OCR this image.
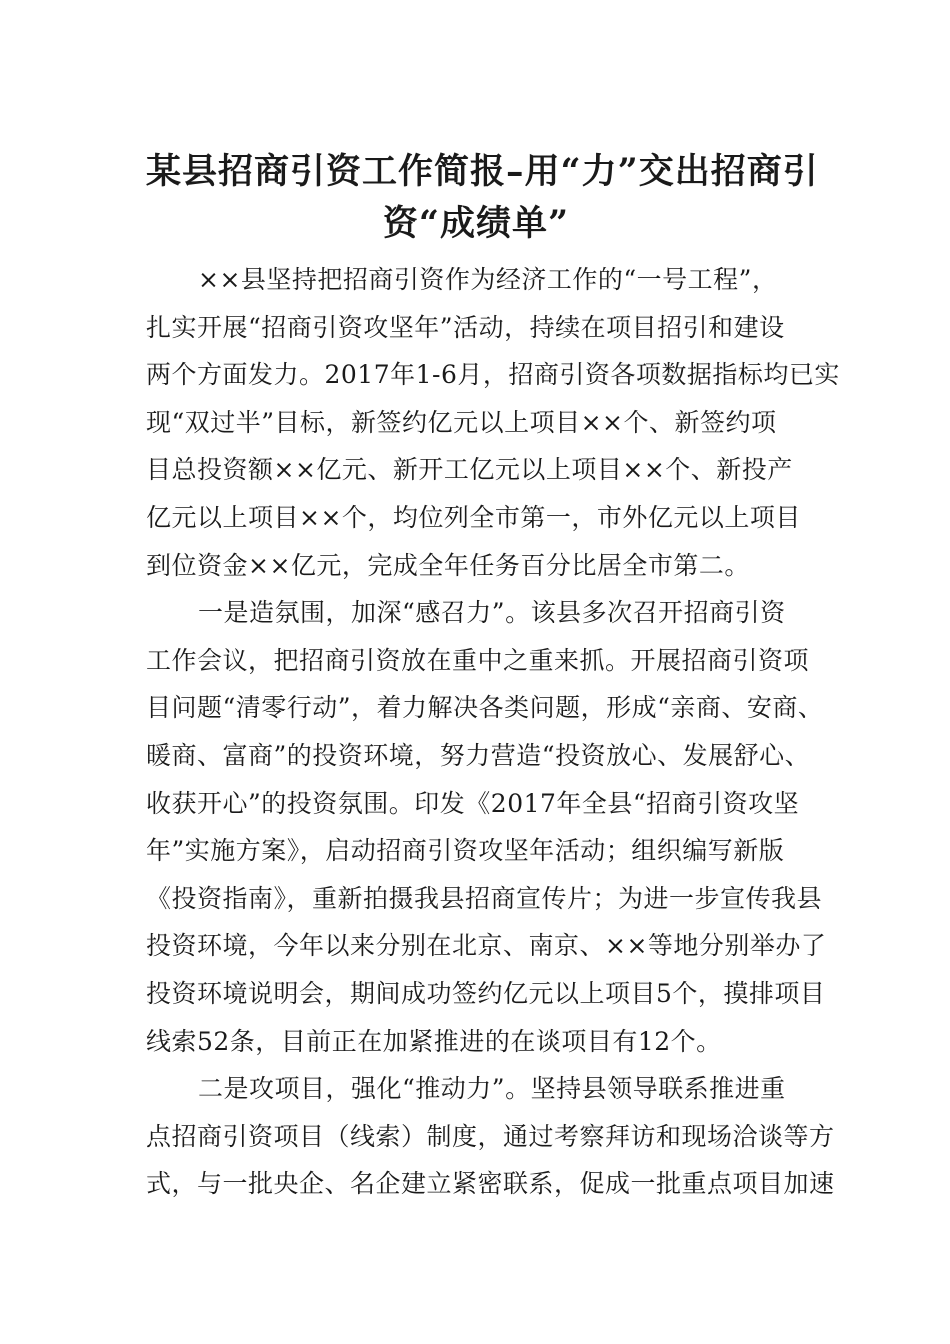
某县招商引资工作简报–用“力”交出招商引
资“成绩单”

××县坚持把招商引资作为经济工作的“一号工程”，
扎实开展“招商引资攻坚年”活动，持续在项目招引和建设
两个方面发力。2017年1-6月，招商引资各项数据指标均已实
现“双过半”目标，新签约亿元以上项目××个、新签约项
目总投资额××亿元、新开工亿元以上项目××个、新投产
亿元以上项目××个，均位列全市第一，市外亿元以上项目
到位资金××亿元，完成全年任务百分比居全市第二。

一是造氛围，加深“感召力”。该县多次召开招商引资
工作会议，把招商引资放在重中之重来抓。开展招商引资项
目问题“清零行动”，着力解决各类问题，形成“亲商、安商、
暖商、富商”的投资环境，努力营造“投资放心、发展舒心、
收获开心”的投资氛围。印发《2017年全县“招商引资攻坚
年”实施方案》，启动招商引资攻坚年活动；组织编写新版
《投资指南》，重新拍摄我县招商宣传片；为进一步宣传我县
投资环境，今年以来分别在北京、南京、××等地分别举办了
投资环境说明会，期间成功签约亿元以上项目5个，摸排项目
线索52条，目前正在加紧推进的在谈项目有12个。

二是攻项目，强化“推动力”。坚持县领导联系推进重
点招商引资项目（线索）制度，通过考察拜访和现场洽谈等方
式，与一批央企、名企建立紧密联系，促成一批重点项目加速
